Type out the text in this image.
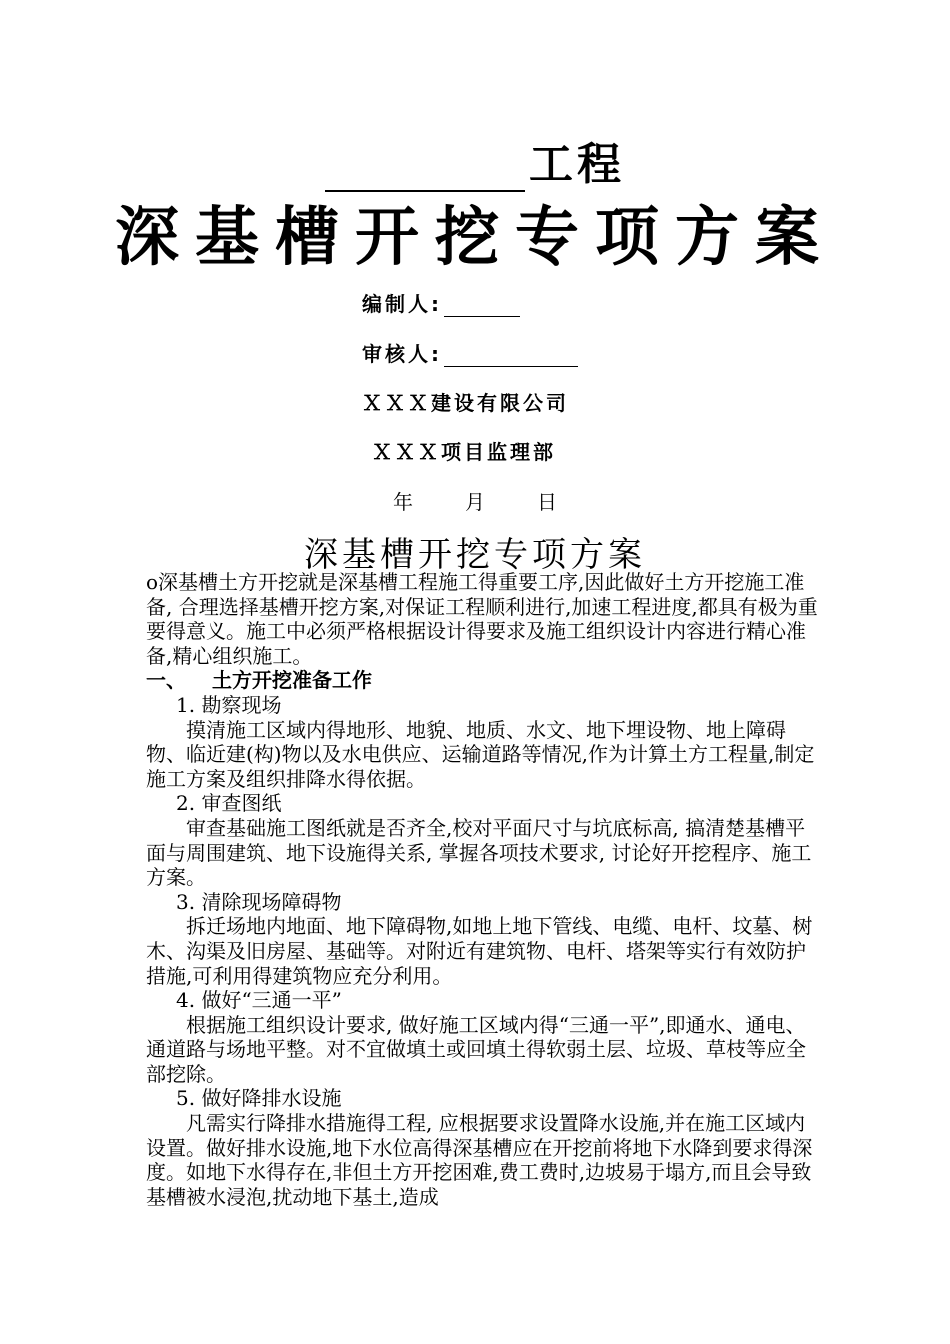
工程
深基槽开挖专项方案
编制人:
审核人:
ＸＸＸ建设有限公司
ＸＸＸ项目监理部
年	月	日
深基槽开挖专项方案

ο深基槽土方开挖就是深基槽工程施工得重要工序,因此做好土方开挖施工准备, 合理选择基槽开挖方案,对保证工程顺利进行,加速工程进度,都具有极为重要得意义。施工中必须严格根据设计得要求及施工组织设计内容进行精心准备,精心组织施工。

一、 土方开挖准备工作

1. 勘察现场

摸清施工区域内得地形、地貌、地质、水文、地下埋设物、地上障碍物、临近建(构)物以及水电供应、运输道路等情况,作为计算土方工程量,制定施工方案及组织排降水得依据。

2. 审查图纸

审查基础施工图纸就是否齐全,校对平面尺寸与坑底标高, 搞清楚基槽平面与周围建筑、地下设施得关系, 掌握各项技术要求, 讨论好开挖程序、施工方案。

3. 清除现场障碍物

拆迁场地内地面、地下障碍物,如地上地下管线、电缆、电杆、坟墓、树木、沟渠及旧房屋、基础等。对附近有建筑物、电杆、塔架等实行有效防护措施,可利用得建筑物应充分利用。

4. 做好“三通一平”

根据施工组织设计要求, 做好施工区域内得“三通一平”,即通水、通电、通道路与场地平整。对不宜做填土或回填土得软弱土层、垃圾、草枝等应全部挖除。

5. 做好降排水设施

凡需实行降排水措施得工程, 应根据要求设置降水设施,并在施工区域内设置。做好排水设施,地下水位高得深基槽应在开挖前将地下水降到要求得深度。如地下水得存在,非但土方开挖困难,费工费时,边坡易于塌方,而且会导致基槽被水浸泡,扰动地下基土,造成
